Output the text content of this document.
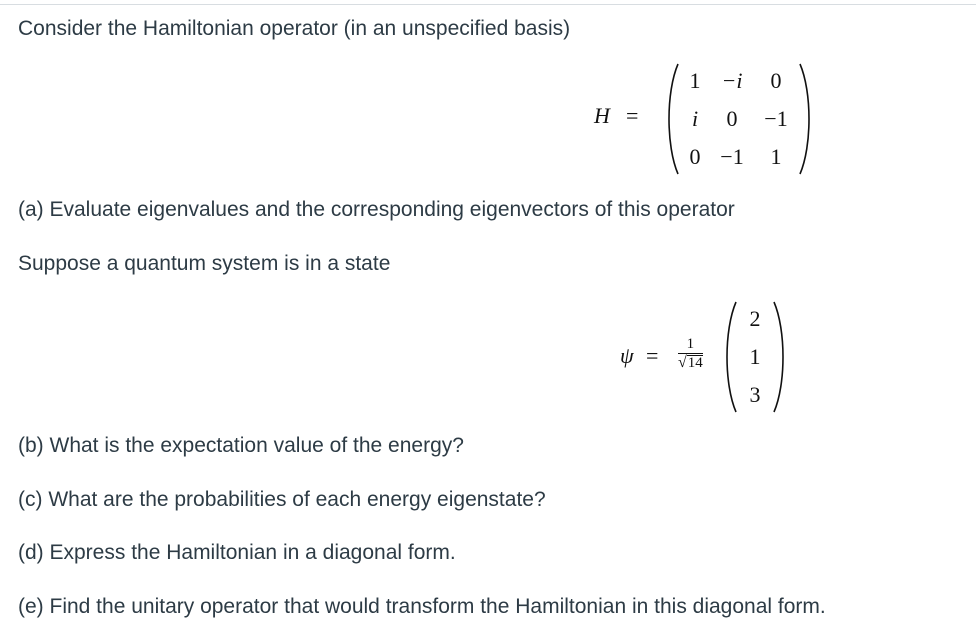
Consider the Hamiltonian operator (in an unspecified basis)

H =
1 −i	0
i	0	−1
0 −1	1

(a) Evaluate eigenvalues and the corresponding eigenvectors of this operator

Suppose a quantum system is in a state

ψ = 1
√ 14
2
1
3

(b) What is the expectation value of the energy?

(c) What are the probabilities of each energy eigenstate?

(d) Express the Hamiltonian in a diagonal form.

(e) Find the unitary operator that would transform the Hamiltonian in this diagonal form.
